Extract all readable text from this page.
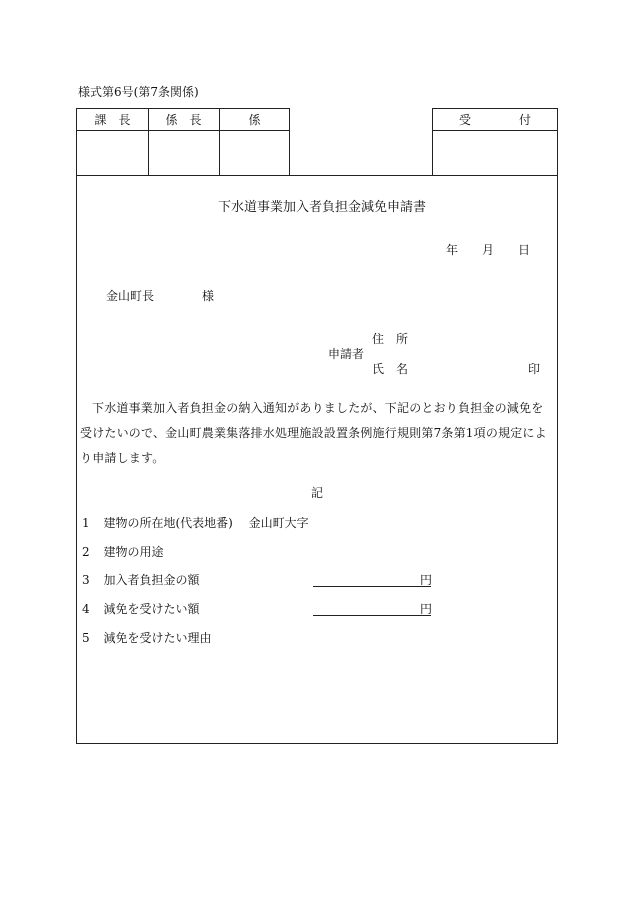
様式第6号(第7条関係)
課　長	係　長	係	受　　　　付
下水道事業加入者負担金減免申請書
年 月 日
金山町長	様
住　所
申請者
氏　名	印
下水道事業加入者負担金の納入通知がありましたが、下記のとおり負担金の減免を受けたいので、金山町農業集落排水処理施設設置条例施行規則第7条第1項の規定により申請します。
記
1 建物の所在地(代表地番) 金山町大字
2 建物の用途
3 加入者負担金の額	円
4 減免を受けたい額	円
5 減免を受けたい理由
